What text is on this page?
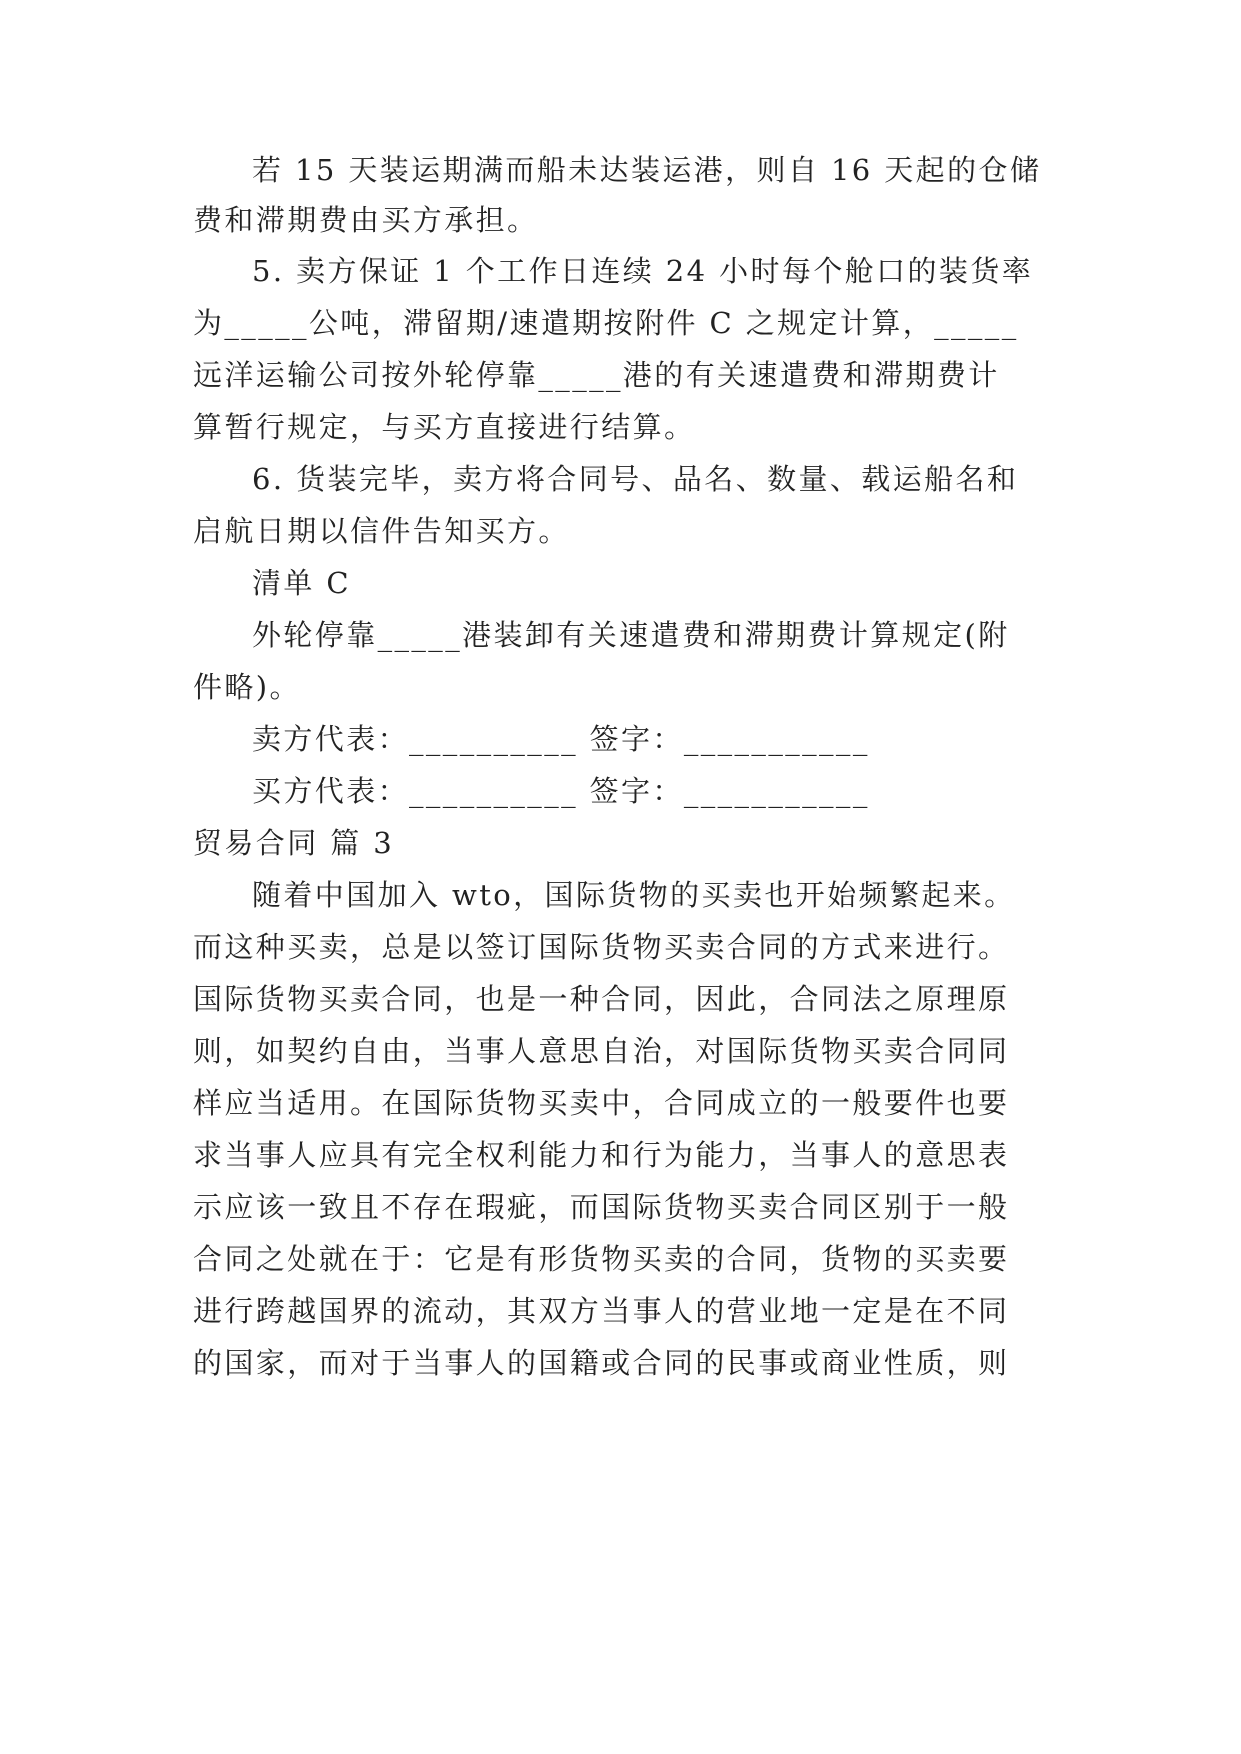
若 15 天装运期满而船未达装运港，则自 16 天起的仓储
费和滞期费由买方承担。
5. 卖方保证 1 个工作日连续 24 小时每个舱口的装货率
为_____公吨，滞留期/速遣期按附件 C 之规定计算，_____
远洋运输公司按外轮停靠_____港的有关速遣费和滞期费计
算暂行规定，与买方直接进行结算。
6. 货装完毕，卖方将合同号、品名、数量、载运船名和
启航日期以信件告知买方。
清单 C
外轮停靠_____港装卸有关速遣费和滞期费计算规定(附
件略)。
卖方代表：__________ 签字：___________
买方代表：__________ 签字：___________
贸易合同 篇 3
随着中国加入 wto，国际货物的买卖也开始频繁起来。
而这种买卖，总是以签订国际货物买卖合同的方式来进行。
国际货物买卖合同，也是一种合同，因此，合同法之原理原
则，如契约自由，当事人意思自治，对国际货物买卖合同同
样应当适用。在国际货物买卖中，合同成立的一般要件也要
求当事人应具有完全权利能力和行为能力，当事人的意思表
示应该一致且不存在瑕疵，而国际货物买卖合同区别于一般
合同之处就在于：它是有形货物买卖的合同，货物的买卖要
进行跨越国界的流动，其双方当事人的营业地一定是在不同
的国家，而对于当事人的国籍或合同的民事或商业性质，则
